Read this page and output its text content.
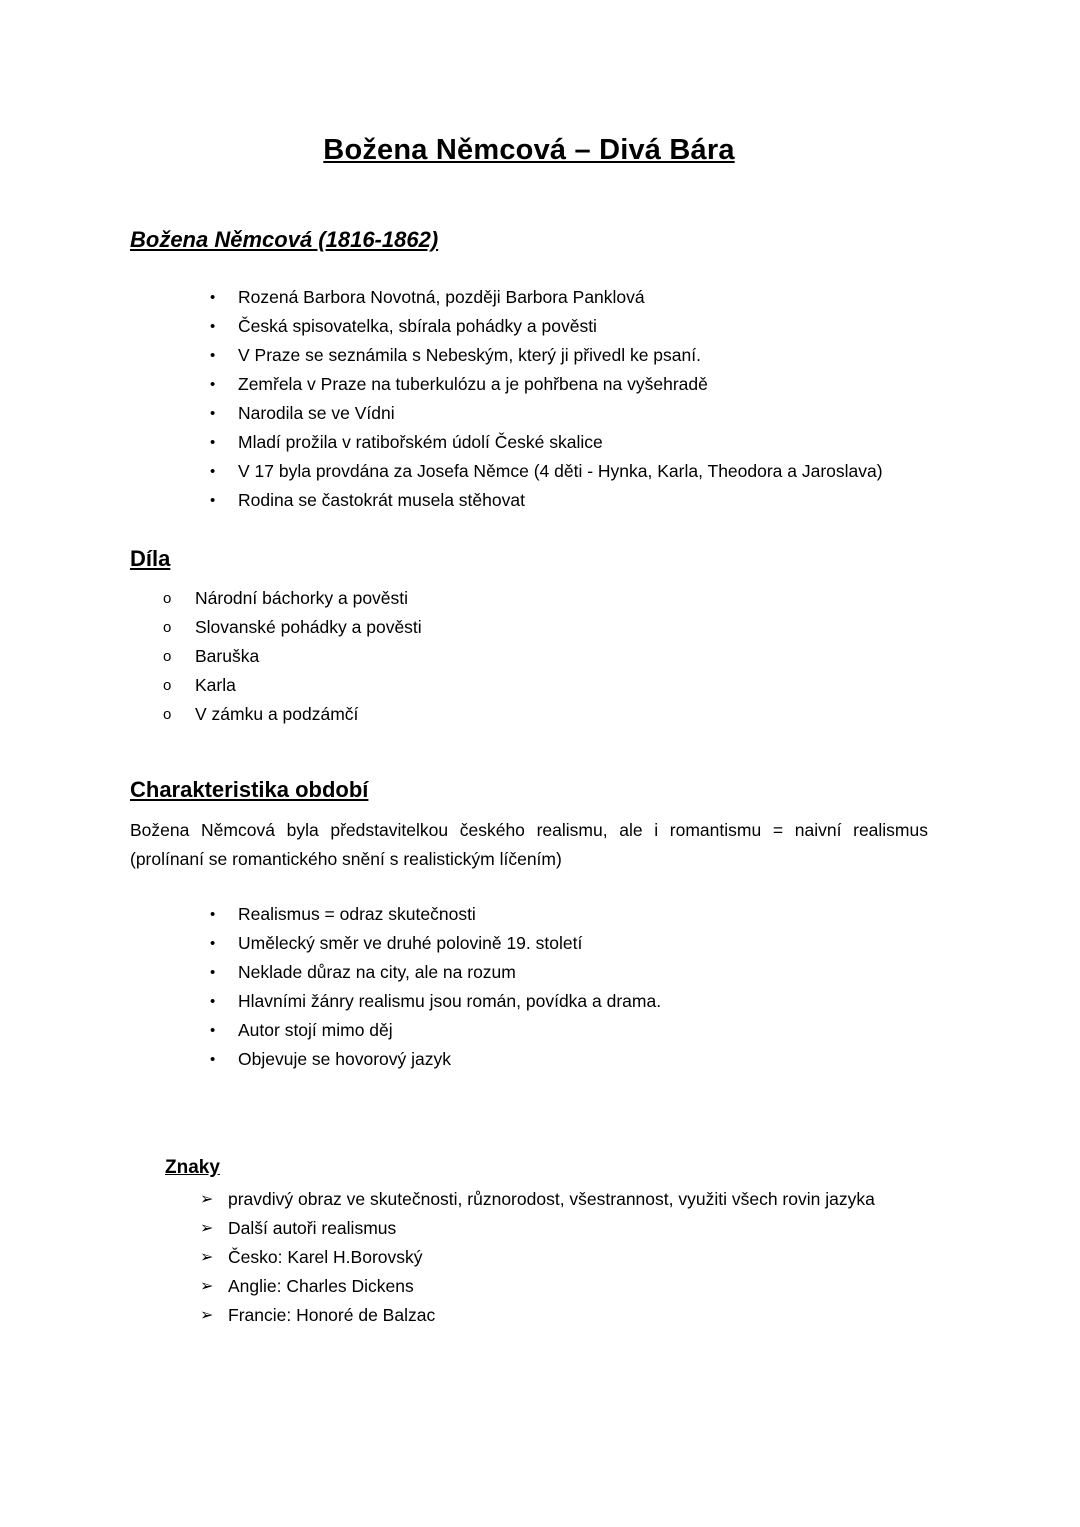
Božena Němcová – Divá Bára
Božena Němcová (1816-1862)
•	Rozená Barbora Novotná, později Barbora Panklová
•	Česká spisovatelka, sbírala pohádky a pověsti
•	V Praze se seznámila s Nebeským, který ji přivedl ke psaní.
•	Zemřela v Praze na tuberkulózu a je pohřbena na vyšehradě
•	Narodila se ve Vídni
•	Mladí prožila v ratibořském údolí České skalice
•	V 17 byla provdána za Josefa Němce (4 děti - Hynka, Karla, Theodora a Jaroslava)
•	Rodina se častokrát musela stěhovat
Díla
o	Národní báchorky a pověsti
o	Slovanské pohádky a pověsti
o	Baruška
o	Karla
o	V zámku a podzámčí
Charakteristika období

Božena Němcová byla představitelkou českého realismu, ale i romantismu = naivní realismus (prolínaní se romantického snění s realistickým líčením)

•	Realismus = odraz skutečnosti
•	Umělecký směr ve druhé polovině 19. století
•	Neklade důraz na city, ale na rozum
•	Hlavními žánry realismu jsou román, povídka a drama.
•	Autor stojí mimo děj
•	Objevuje se hovorový jazyk
Znaky
➢ pravdivý obraz ve skutečnosti, různorodost, všestrannost, využiti všech rovin jazyka
➢ Další autoři realismus
➢ Česko: Karel H.Borovský
➢ Anglie: Charles Dickens
➢ Francie: Honoré de Balzac
